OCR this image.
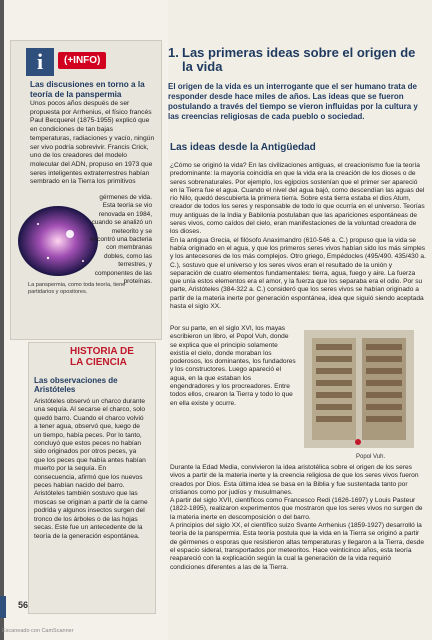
i	(+INFO)
Las discusiones en torno a la teoría de la panspermia
Unos pocos años después de ser propuesta por Arrhenius, el físico francés Paul Becquerel (1875-1955) explicó que en condiciones de tan bajas temperaturas, radiaciones y vacío, ningún ser vivo podría sobrevivir. Francis Crick, uno de los creadores del modelo molecular del ADN, propuso en 1973 que seres inteligentes extraterrestres habían sembrado en la Tierra los primitivos
gérmenes de vida. Esta teoría se vio renovada en 1984, cuando se analizó un meteorito y se encontró una bacteria con membranas dobles, como las terrestres, y componentes de las proteínas.
La panspermia, como toda teoría, tiene partidarios y opositores.
HISTORIA DE
LA CIENCIA
Las observaciones de Aristóteles
Aristóteles observó un charco durante una sequía. Al secarse el charco, solo quedó barro. Cuando el charco volvió a tener agua, observó que, luego de un tiempo, había peces. Por lo tanto, concluyó que estos peces no habían sido originados por otros peces, ya que los peces que había antes habían muerto por la sequía. En consecuencia, afirmó que los nuevos peces habían nacido del barro. Aristóteles también sostuvo que las moscas se originan a partir de la carne podrida y algunos insectos surgen del tronco de los árboles o de las hojas secas. Este fue un antecedente de la teoría de la generación espontánea.
56
1. Las primeras ideas sobre el origen de la vida
El origen de la vida es un interrogante que el ser humano trata de responder desde hace miles de años. Las ideas que se fueron postulando a través del tiempo se vieron influidas por la cultura y las creencias religiosas de cada pueblo o sociedad.
Las ideas desde la Antigüedad

¿Cómo se originó la vida? En las civilizaciones antiguas, el creacionismo fue la teoría predominante: la mayoría coincidía en que la vida era la creación de los dioses o de seres sobrenaturales. Por ejemplo, los egipcios sostenían que el primer ser apareció en la Tierra fue el agua. Cuando el nivel del agua bajó, como descendían las aguas del río Nilo, quedó descubierta la primera tierra. Sobre esta tierra estaba el dios Atum, creador de todos los seres y responsable de todo lo que ocurría en el universo. Teorías muy antiguas de la India y Babilonia postulaban que las apariciones espontáneas de seres vivos, como caídos del cielo, eran manifestaciones de la voluntad creadora de los dioses.

En la antigua Grecia, el filósofo Anaximandro (610-546 a. C.) propuso que la vida se había originado en el agua, y que los primeros seres vivos habían sido los más simples y los antecesores de los más complejos. Otro griego, Empédocles (495/490. 435/430 a. C.), sostuvo que el universo y los seres vivos eran el resultado de la unión y separación de cuatro elementos fundamentales: tierra, agua, fuego y aire. La fuerza que unía estos elementos era el amor, y la fuerza que los separaba era el odio. Por su parte, Aristóteles (384-322 a. C.) consideró que los seres vivos se habían originado a partir de la materia inerte por generación espontánea, idea que siguió siendo aceptada hasta el siglo XX.

Por su parte, en el siglo XVI, los mayas escribieron un libro, el Popol Vuh, donde se explica que el principio solamente existía el cielo, donde moraban los poderosos, los dominantes, los fundadores y los constructores. Luego apareció el agua, en la que estaban los engendradores y los procreadores. Entre todos ellos, crearon la Tierra y todo lo que en ella existe y ocurre.

Popol Vuh.

Durante la Edad Media, convivieron la idea aristotélica sobre el origen de los seres vivos a partir de la materia inerte y la creencia religiosa de que los seres vivos fueron creados por Dios. Esta última idea se basa en la Biblia y fue sustentada tanto por cristianos como por judíos y musulmanes.

A partir del siglo XVII, científicos como Francesco Redi (1626-1697) y Louis Pasteur (1822-1895), realizaron experimentos que mostraron que los seres vivos no surgen de la materia inerte en descomposición o del barro.

A principios del siglo XX, el científico suizo Svante Arrhenius (1859-1927) desarrolló la teoría de la panspermia. Esta teoría postula que la vida en la Tierra se originó a partir de gérmenes o esporas que resistieron altas temperaturas y llegaron a la Tierra, desde el espacio sideral, transportados por meteoritos. Hace veinticinco años, esta teoría reapareció con la explicación según la cual la generación de la vida requirió condiciones diferentes a las de la Tierra.

Escaneado con CamScanner
